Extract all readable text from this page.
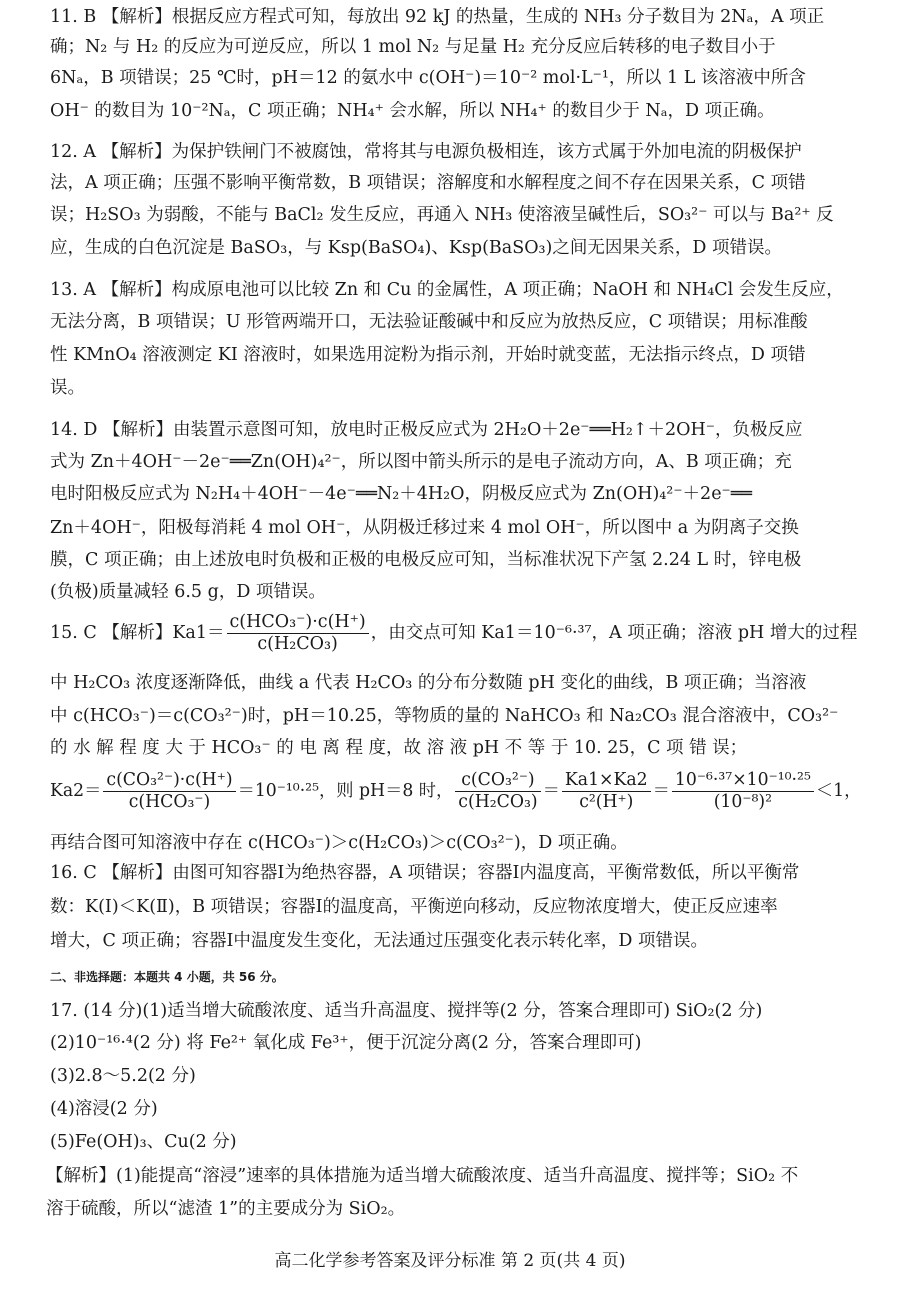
11. B 【解析】根据反应方程式可知，每放出 92 kJ 的热量，生成的 NH₃ 分子数目为 2Nₐ，A 项正
确；N₂ 与 H₂ 的反应为可逆反应，所以 1 mol N₂ 与足量 H₂ 充分反应后转移的电子数目小于
6Nₐ，B 项错误；25 ℃时，pH＝12 的氨水中 c(OH⁻)＝10⁻² mol·L⁻¹，所以 1 L 该溶液中所含
OH⁻ 的数目为 10⁻²Nₐ，C 项正确；NH₄⁺ 会水解，所以 NH₄⁺ 的数目少于 Nₐ，D 项正确。
12. A 【解析】为保护铁闸门不被腐蚀，常将其与电源负极相连，该方式属于外加电流的阴极保护
法，A 项正确；压强不影响平衡常数，B 项错误；溶解度和水解程度之间不存在因果关系，C 项错
误；H₂SO₃ 为弱酸，不能与 BaCl₂ 发生反应，再通入 NH₃ 使溶液呈碱性后，SO₃²⁻ 可以与 Ba²⁺ 反
应，生成的白色沉淀是 BaSO₃，与 Ksp(BaSO₄)、Ksp(BaSO₃)之间无因果关系，D 项错误。
13. A 【解析】构成原电池可以比较 Zn 和 Cu 的金属性，A 项正确；NaOH 和 NH₄Cl 会发生反应，
无法分离，B 项错误；U 形管两端开口，无法验证酸碱中和反应为放热反应，C 项错误；用标准酸
性 KMnO₄ 溶液测定 KI 溶液时，如果选用淀粉为指示剂，开始时就变蓝，无法指示终点，D 项错
误。
14. D 【解析】由装置示意图可知，放电时正极反应式为 2H₂O＋2e⁻══H₂↑＋2OH⁻，负极反应
式为 Zn＋4OH⁻－2e⁻══Zn(OH)₄²⁻，所以图中箭头所示的是电子流动方向，A、B 项正确；充
电时阳极反应式为 N₂H₄＋4OH⁻－4e⁻══N₂＋4H₂O，阴极反应式为 Zn(OH)₄²⁻＋2e⁻══
Zn＋4OH⁻，阳极每消耗 4 mol OH⁻，从阴极迁移过来 4 mol OH⁻，所以图中 a 为阴离子交换
膜，C 项正确；由上述放电时负极和正极的电极反应可知，当标准状况下产氢 2.24 L 时，锌电极
(负极)质量减轻 6.5 g，D 项错误。
15. C 【解析】$Ka1= \frac{\text{c(HCO₃⁻)·c(H⁺)}}{\text{c(H₂CO₃)}}$ ，由交点可知 Ka1＝10⁻⁶·³⁷，A 项正确；溶液 pH 增大的过程
中 H₂CO₃ 浓度逐渐降低，曲线 a 代表 H₂CO₃ 的分布分数随 pH 变化的曲线，B 项正确；当溶液
中 c(HCO₃⁻)＝c(CO₃²⁻)时，pH＝10.25，等物质的量的 NaHCO₃ 和 Na₂CO₃ 混合溶液中，CO₃²⁻
的 水 解 程 度 大 于 HCO₃⁻ 的 电 离 程 度，故 溶 液 pH 不 等 于 10. 25，C 项 错 误；
$Ka2= \frac{\text{c(CO₃²⁻)·c(H⁺)}}{\text{c(HCO₃⁻)}} =10^{-10}\cdot^{25}$，则 pH＝8 时， $\frac{\text{c(CO₃²⁻)}}{\text{c(H₂CO₃)}} = \frac{Ka1\times Ka2}{\text{c²(H⁺)}} = \frac{\text{10⁻⁶·³⁷×10⁻¹⁰·²⁵}}{\text{(10⁻⁸)²}} <1$，
再结合图可知溶液中存在 c(HCO₃⁻)＞c(H₂CO₃)＞c(CO₃²⁻)，D 项正确。
16. C 【解析】由图可知容器Ⅰ为绝热容器，A 项错误；容器Ⅰ内温度高，平衡常数低，所以平衡常
数：K(Ⅰ)＜K(Ⅱ)，B 项错误；容器Ⅰ的温度高，平衡逆向移动，反应物浓度增大，使正反应速率
增大，C 项正确；容器Ⅰ中温度发生变化，无法通过压强变化表示转化率，D 项错误。
二、非选择题：本题共 4 小题，共 56 分。
17. (14 分)(1)适当增大硫酸浓度、适当升高温度、搅拌等(2 分，答案合理即可) SiO₂(2 分)
(2)10⁻¹⁶·⁴(2 分) 将 Fe²⁺ 氧化成 Fe³⁺，便于沉淀分离(2 分，答案合理即可)
(3)2.8～5.2(2 分)
(4)溶浸(2 分)
(5)Fe(OH)₃、Cu(2 分)
【解析】(1)能提高“溶浸”速率的具体措施为适当增大硫酸浓度、适当升高温度、搅拌等；SiO₂ 不
溶于硫酸，所以“滤渣 1”的主要成分为 SiO₂。
高二化学参考答案及评分标准 第 2 页(共 4 页)
